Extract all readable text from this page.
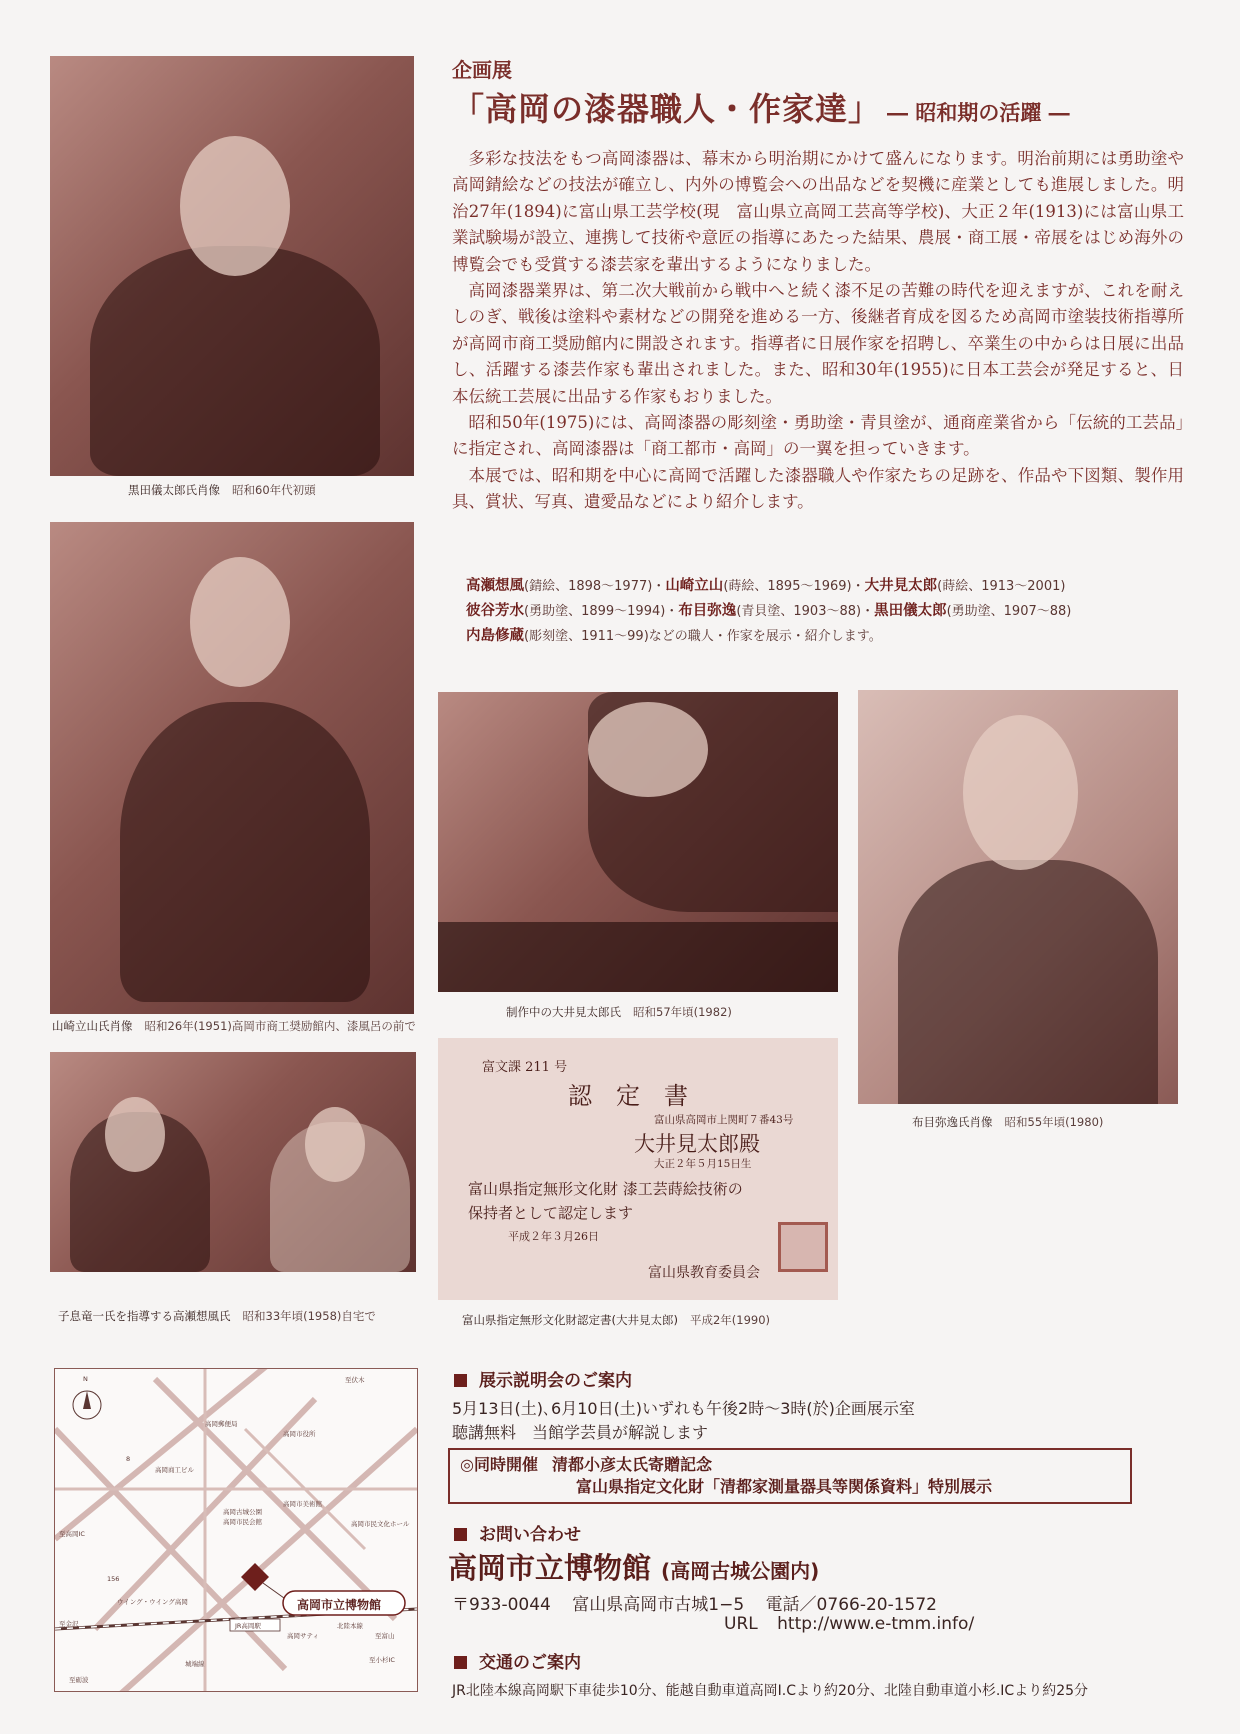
黒田儀太郎氏肖像 昭和60年代初頭
山崎立山氏肖像 昭和26年(1951)高岡市商工奨励館内、漆風呂の前で
子息竜一氏を指導する高瀬想風氏 昭和33年頃(1958)自宅で
企画展
「高岡の漆器職人・作家達」 ― 昭和期の活躍 ―

多彩な技法をもつ高岡漆器は、幕末から明治期にかけて盛んになります。明治前期には勇助塗や高岡錆絵などの技法が確立し、内外の博覧会への出品などを契機に産業としても進展しました。明治27年(1894)に富山県工芸学校(現　富山県立高岡工芸高等学校)、大正２年(1913)には富山県工業試験場が設立、連携して技術や意匠の指導にあたった結果、農展・商工展・帝展をはじめ海外の博覧会でも受賞する漆芸家を輩出するようになりました。

高岡漆器業界は、第二次大戦前から戦中へと続く漆不足の苦難の時代を迎えますが、これを耐えしのぎ、戦後は塗料や素材などの開発を進める一方、後継者育成を図るため高岡市塗装技術指導所が高岡市商工奨励館内に開設されます。指導者に日展作家を招聘し、卒業生の中からは日展に出品し、活躍する漆芸作家も輩出されました。また、昭和30年(1955)に日本工芸会が発足すると、日本伝統工芸展に出品する作家もおりました。

昭和50年(1975)には、高岡漆器の彫刻塗・勇助塗・青貝塗が、通商産業省から「伝統的工芸品」に指定され、高岡漆器は「商工都市・高岡」の一翼を担っていきます。

本展では、昭和期を中心に高岡で活躍した漆器職人や作家たちの足跡を、作品や下図類、製作用具、賞状、写真、遺愛品などにより紹介します。

高瀬想風(錆絵、1898～1977)・山崎立山(蒔絵、1895～1969)・大井見太郎(蒔絵、1913～2001)
彼谷芳水(勇助塗、1899～1994)・布目弥逸(青貝塗、1903～88)・黒田儀太郎(勇助塗、1907～88)
内島修蔵(彫刻塗、1911～99)などの職人・作家を展示・紹介します。
制作中の大井見太郎氏 昭和57年頃(1982)
布目弥逸氏肖像 昭和55年頃(1980)
富文課 211 号
認　定　書
富山県高岡市上関町７番43号
大井見太郎殿
大正２年５月15日生
富山県指定無形文化財 漆工芸蒔絵技術の
保持者として認定します
平成２年３月26日
富山県教育委員会
富山県指定無形文化財認定書(大井見太郎) 平成2年(1990)
高岡市立博物館
JR高岡駅
N	至伏木
高岡郵便局
高岡市役所
高岡商工ビル
高岡古城公園
高岡市民会館
高岡市美術館
高岡市民文化ホール
至高岡IC
至金沢
ウイング・ウイング高岡
高岡サティ
北陸本線
至富山
至小杉IC
至砺波
城端線
8
156
展示説明会のご案内
5月13日(土)､6月10日(土)いずれも午後2時～3時(於)企画展示室
聴講無料　当館学芸員が解説します
◎同時開催 清都小彦太氏寄贈記念
富山県指定文化財「清都家測量器具等関係資料」特別展示
お問い合わせ
高岡市立博物館 (高岡古城公園内)
〒933-0044 富山県高岡市古城1−5 電話／0766-20-1572
URL http://www.e-tmm.info/
交通のご案内
JR北陸本線高岡駅下車徒歩10分、能越自動車道高岡I.Cより約20分、北陸自動車道小杉.ICより約25分
